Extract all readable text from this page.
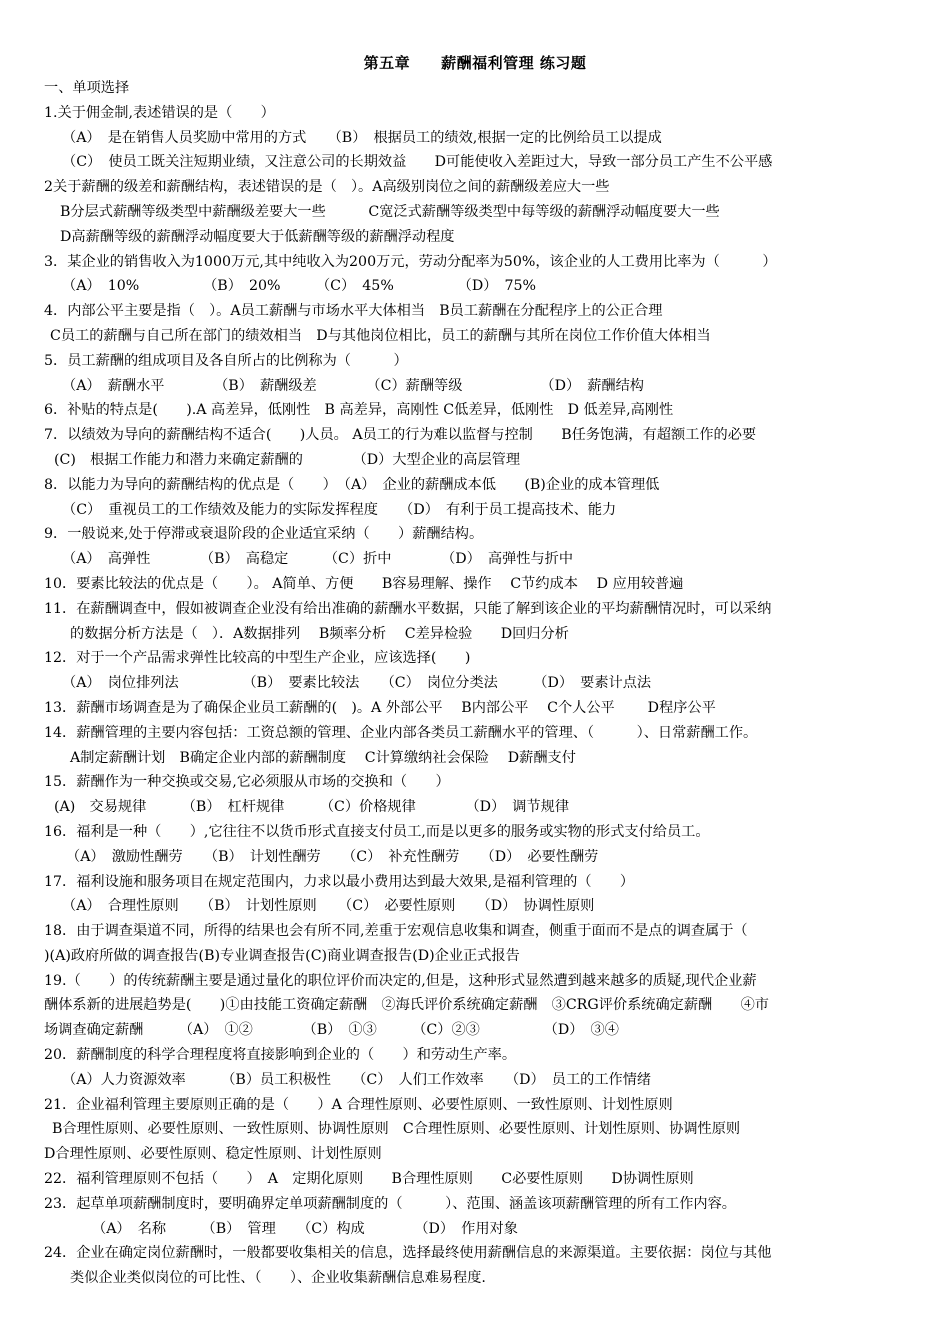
第五章　　薪酬福利管理 练习题
一、单项选择
1.关于佣金制,表述错误的是（　　）
（A）　是在销售人员奖励中常用的方式　　（B）　根据员工的绩效,根据一定的比例给员工以提成
（C）　使员工既关注短期业绩，又注意公司的长期效益　　D可能使收入差距过大，导致一部分员工产生不公平感
2关于薪酬的级差和薪酬结构，表述错误的是（　）。A高级别岗位之间的薪酬级差应大一些
B分层式薪酬等级类型中薪酬级差要大一些　　　C宽泛式薪酬等级类型中每等级的薪酬浮动幅度要大一些
D高薪酬等级的薪酬浮动幅度要大于低薪酬等级的薪酬浮动程度
3．某企业的销售收入为1000万元,其中纯收入为200万元，劳动分配率为50%，该企业的人工费用比率为（　　　）
（A）　10%　　　　　（B）　20%　　　（C）　45%　　　　　（D）　75%
4．内部公平主要是指（　）。A员工薪酬与市场水平大体相当　B员工薪酬在分配程序上的公正合理
C员工的薪酬与自己所在部门的绩效相当　D与其他岗位相比，员工的薪酬与其所在岗位工作价值大体相当
5．员工薪酬的组成项目及各自所占的比例称为（　　　）
（A）　薪酬水平　　　　（B）　薪酬级差　　　　（C）薪酬等级　　　　　　（D）　薪酬结构
6．补贴的特点是(　　).A 高差异，低刚性　B 高差异，高刚性 C低差异，低刚性　D 低差异,高刚性
7．以绩效为导向的薪酬结构不适合(　　)人员。 A员工的行为难以监督与控制　　B任务饱满，有超额工作的必要
(C)　根据工作能力和潜力来确定薪酬的　　　　（D）大型企业的高层管理
8．以能力为导向的薪酬结构的优点是（　　）　（A）　企业的薪酬成本低　　(B)企业的成本管理低
（C）　重视员工的工作绩效及能力的实际发挥程度　　（D）　有利于员工提高技术、能力
9．一般说来,处于停滞或衰退阶段的企业适宜采纳（　　）薪酬结构。
（A）　高弹性　　　　（B）　高稳定　　　（C）折中　　　　（D）　高弹性与折中
10．要素比较法的优点是（　　）。 A简单、方便　　B容易理解、操作　 C节约成本　 D 应用较普遍
11．在薪酬调查中，假如被调查企业没有给出准确的薪酬水平数据，只能了解到该企业的平均薪酬情况时，可以采纳
的数据分析方法是（　）．A数据排列　 B频率分析　 C差异检验　　D回归分析
12．对于一个产品需求弹性比较高的中型生产企业，应该选择(　　)
（A）　岗位排列法　　　　　（B）　要素比较法　　（C）　岗位分类法　　　（D）　要素计点法
13．薪酬市场调查是为了确保企业员工薪酬的(　)。A 外部公平　 B内部公平　 C个人公平　　 D程序公平
14．薪酬管理的主要内容包括：工资总额的管理、企业内部各类员工薪酬水平的管理、（　　　）、日常薪酬工作。
A制定薪酬计划　B确定企业内部的薪酬制度　 C计算缴纳社会保险　 D薪酬支付
15．薪酬作为一种交换或交易,它必须服从市场的交换和（　　）
(A)　交易规律　　　（B）　杠杆规律　　　（C）价格规律　　　　（D）　调节规律
16．福利是一种（　　）,它往往不以货币形式直接支付员工,而是以更多的服务或实物的形式支付给员工。
（A）　激励性酬劳　　（B）　计划性酬劳　　（C）　补充性酬劳　　（D）　必要性酬劳
17．福利设施和服务项目在规定范围内，力求以最小费用达到最大效果,是福利管理的（　　）
（A）　合理性原则　　（B）　计划性原则　　（C）　必要性原则　　（D）　协调性原则
18．由于调查渠道不同，所得的结果也会有所不同,差重于宏观信息收集和调查，侧重于面而不是点的调查属于（
)(A)政府所做的调查报告(B)专业调查报告(C)商业调查报告(D)企业正式报告
19.（　　）的传统薪酬主要是通过量化的职位评价而决定的,但是，这种形式显然遭到越来越多的质疑,现代企业薪
酬体系新的进展趋势是(　　)①由技能工资确定薪酬　②海氏评价系统确定薪酬　③CRG评价系统确定薪酬　　④市
场调查确定薪酬　　　（A）　①②　　　　（B）　①③　　　（C）②③　　　　　（D）　③④
20．薪酬制度的科学合理程度将直接影响到企业的（　　）和劳动生产率。
（A）人力资源效率　　　（B）员工积极性　　（C）　人们工作效率　　（D）　员工的工作情绪
21．企业福利管理主要原则正确的是（　　）A 合理性原则、必要性原则、一致性原则、计划性原则
B合理性原则、必要性原则、一致性原则、协调性原则　C合理性原则、必要性原则、计划性原则、协调性原则
D合理性原则、必要性原则、稳定性原则、计划性原则
22．福利管理原则不包括（　　）　A　定期化原则　　B合理性原则　　C必要性原则　　D协调性原则
23．起草单项薪酬制度时，要明确界定单项薪酬制度的（　　　）、范围、涵盖该项薪酬管理的所有工作内容。
（A）　名称　　　（B）　管理　　（C）构成　　　　（D）　作用对象
24．企业在确定岗位薪酬时，一般都要收集相关的信息，选择最终使用薪酬信息的来源渠道。主要依据：岗位与其他
类似企业类似岗位的可比性、（　　）、企业收集薪酬信息难易程度.
